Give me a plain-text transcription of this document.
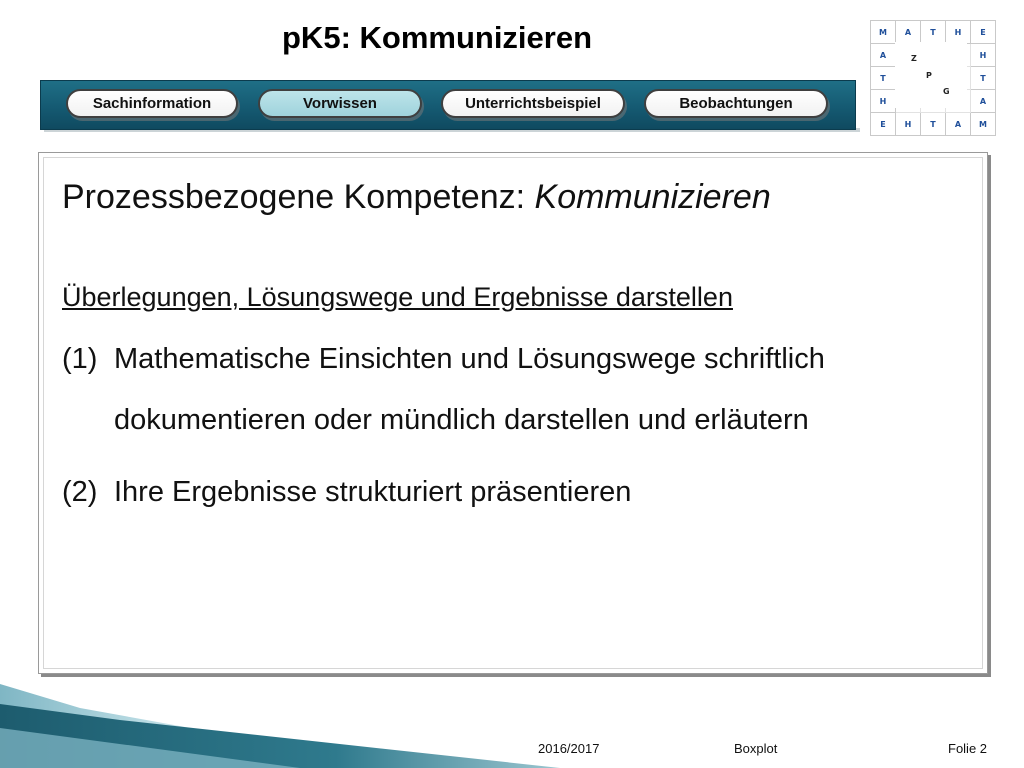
pK5: Kommunizieren	M	A	T	H	E
A				H
T				T
H				A
E	H	T	A	M
Z
P
G
Sachinformation	Vorwissen	Unterrichtsbeispiel	Beobachtungen
Prozessbezogene Kompetenz: Kommunizieren
Überlegungen, Lösungswege und Ergebnisse darstellen
(1) Mathematische Einsichten und Lösungswege schriftlich
dokumentieren oder mündlich darstellen und erläutern
(2) Ihre Ergebnisse strukturiert präsentieren
2016/2017	Boxplot	Folie 2
